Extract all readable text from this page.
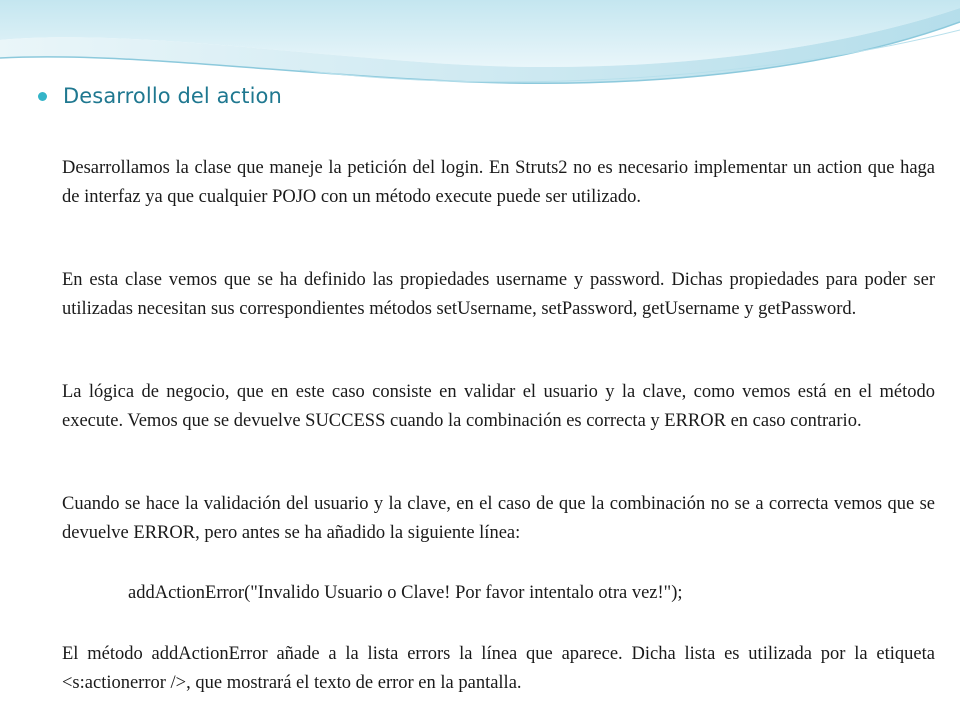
Desarrollo del action

Desarrollamos la clase que maneje la petición del login. En Struts2 no es necesario implementar un action que haga de interfaz ya que cualquier POJO con un método execute puede ser utilizado.

En esta clase vemos que se ha definido las propiedades username y password. Dichas propiedades para poder ser utilizadas necesitan sus correspondientes métodos setUsername, setPassword, getUsername y getPassword.

La lógica de negocio, que en este caso consiste en validar el usuario y la clave, como vemos está en el método execute. Vemos que se devuelve SUCCESS cuando la combinación es correcta y ERROR en caso contrario.

Cuando se hace la validación del usuario y la clave, en el caso de que la combinación no se a correcta vemos que se devuelve ERROR, pero antes se ha añadido la siguiente línea:

addActionError("Invalido Usuario o Clave! Por favor intentalo otra vez!");

El método addActionError añade a la lista errors la línea que aparece. Dicha lista es utilizada por la etiqueta <s:actionerror />, que mostrará el texto de error en la pantalla.
